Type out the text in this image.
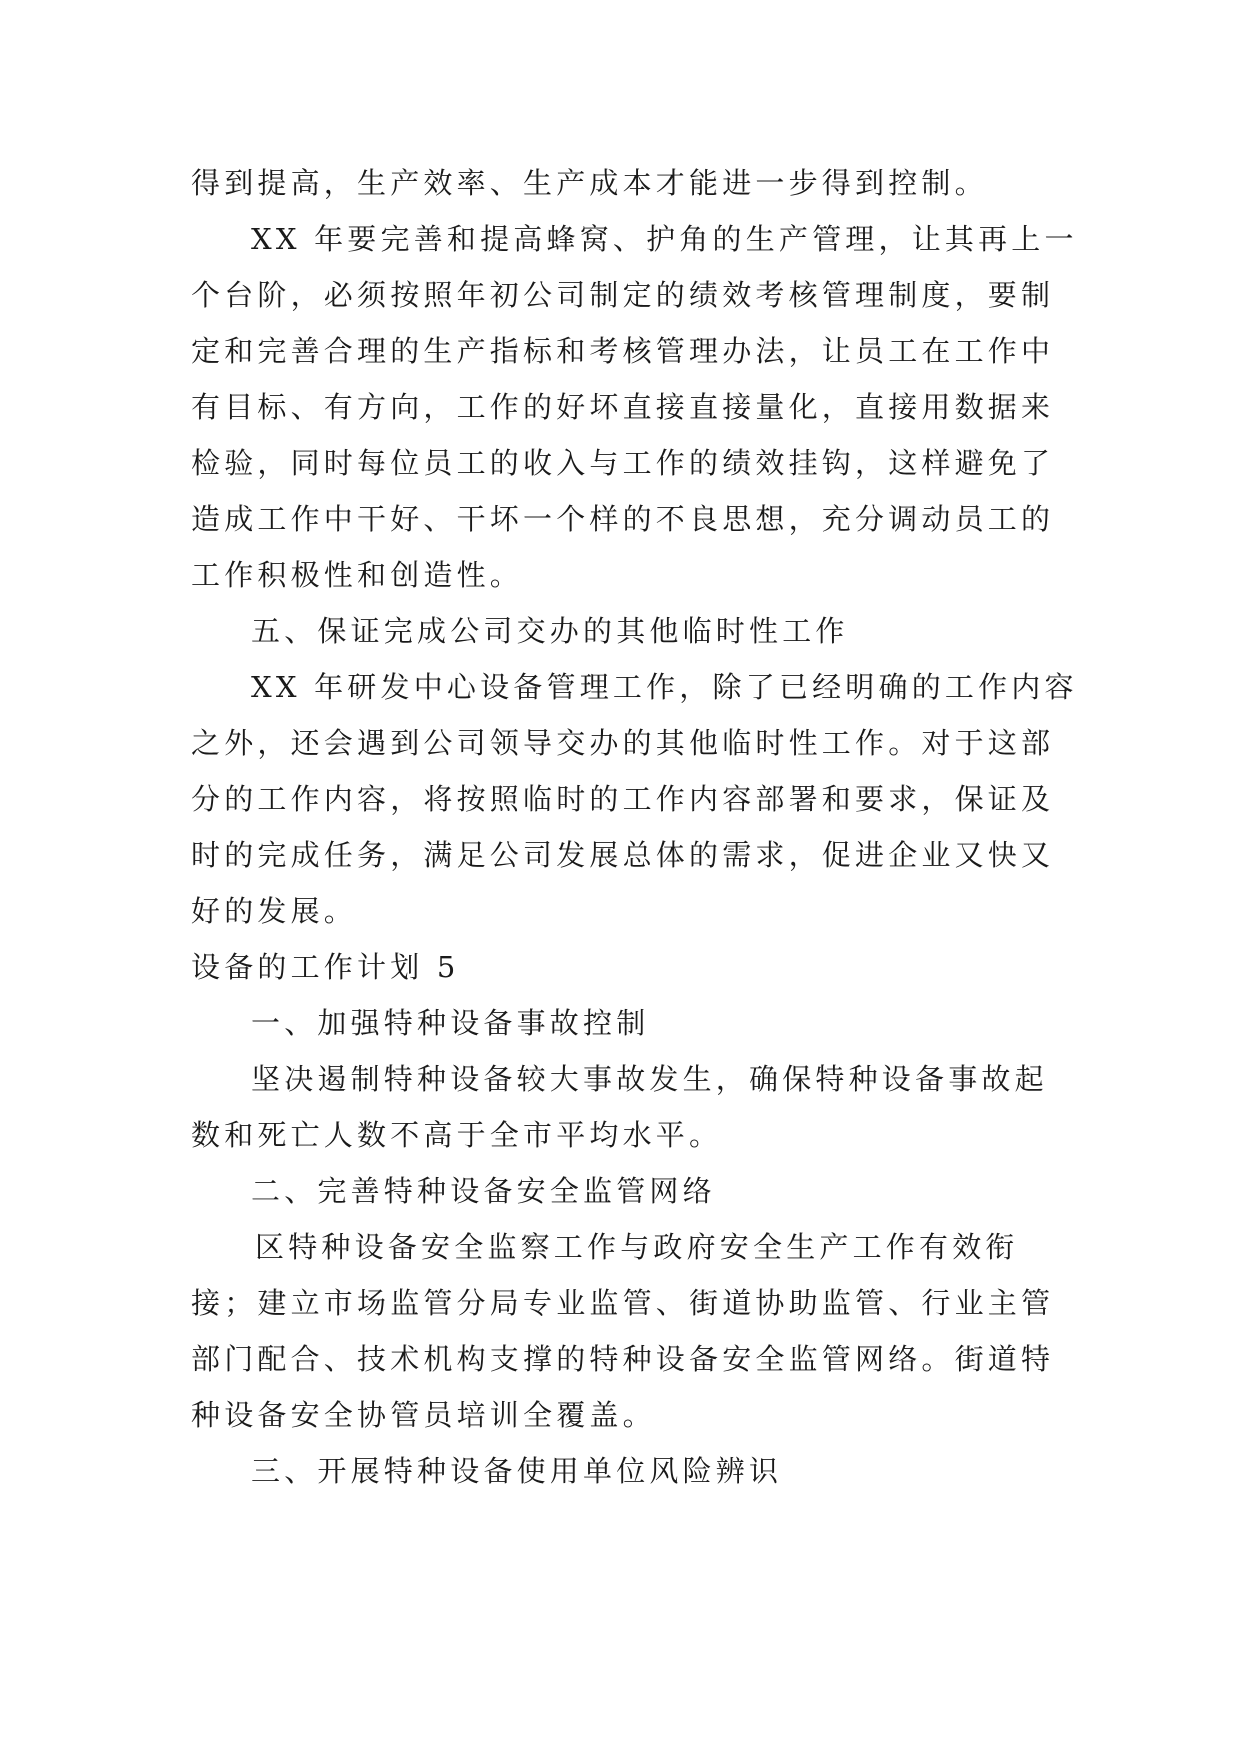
得到提高，生产效率、生产成本才能进一步得到控制。
XX 年要完善和提高蜂窝、护角的生产管理，让其再上一
个台阶，必须按照年初公司制定的绩效考核管理制度，要制
定和完善合理的生产指标和考核管理办法，让员工在工作中
有目标、有方向，工作的好坏直接直接量化，直接用数据来
检验，同时每位员工的收入与工作的绩效挂钩，这样避免了
造成工作中干好、干坏一个样的不良思想，充分调动员工的
工作积极性和创造性。
五、保证完成公司交办的其他临时性工作
XX 年研发中心设备管理工作，除了已经明确的工作内容
之外，还会遇到公司领导交办的其他临时性工作。对于这部
分的工作内容，将按照临时的工作内容部署和要求，保证及
时的完成任务，满足公司发展总体的需求，促进企业又快又
好的发展。
设备的工作计划 5
一、加强特种设备事故控制
坚决遏制特种设备较大事故发生，确保特种设备事故起
数和死亡人数不高于全市平均水平。
二、完善特种设备安全监管网络
区特种设备安全监察工作与政府安全生产工作有效衔
接；建立市场监管分局专业监管、街道协助监管、行业主管
部门配合、技术机构支撑的特种设备安全监管网络。街道特
种设备安全协管员培训全覆盖。
三、开展特种设备使用单位风险辨识
